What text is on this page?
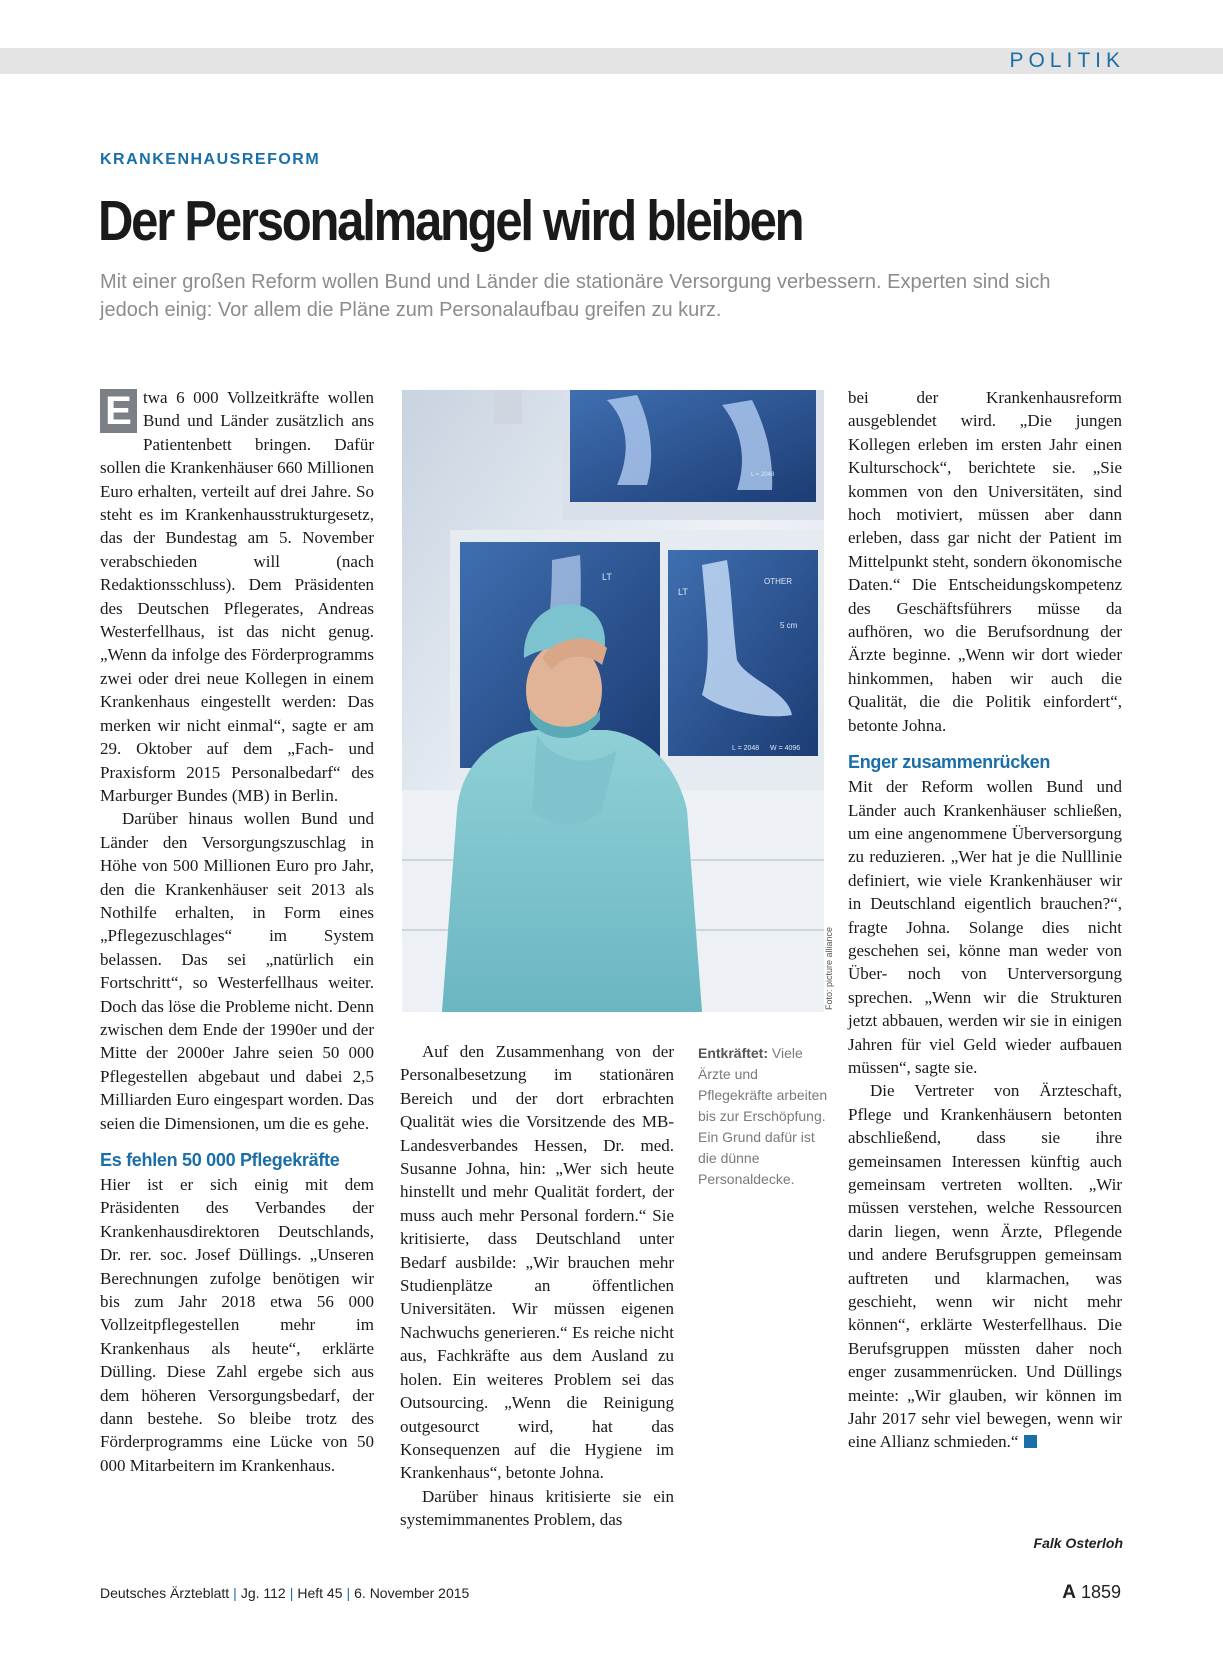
POLITIK
KRANKENHAUSREFORM
Der Personalmangel wird bleiben
Mit einer großen Reform wollen Bund und Länder die stationäre Versorgung verbessern. Experten sind sich jedoch einig: Vor allem die Pläne zum Personalaufbau greifen zu kurz.
E twa 6 000 Vollzeitkräfte wollen Bund und Länder zusätzlich ans Patientenbett bringen. Dafür sollen die Krankenhäuser 660 Millionen Euro erhalten, verteilt auf drei Jahre. So steht es im Krankenhausstrukturgesetz, das der Bundestag am 5. November verabschieden will (nach Redaktionsschluss). Dem Präsidenten des Deutschen Pflegerates, Andreas Westerfellhaus, ist das nicht genug. „Wenn da infolge des Förderprogramms zwei oder drei neue Kollegen in einem Krankenhaus eingestellt werden: Das merken wir nicht einmal“, sagte er am 29. Oktober auf dem „Fach- und Praxisform 2015 Personalbedarf“ des Marburger Bundes (MB) in Berlin.

Darüber hinaus wollen Bund und Länder den Versorgungszuschlag in Höhe von 500 Millionen Euro pro Jahr, den die Krankenhäuser seit 2013 als Nothilfe erhalten, in Form eines „Pflegezuschlages“ im System belassen. Das sei „natürlich ein Fortschritt“, so Westerfellhaus weiter. Doch das löse die Probleme nicht. Denn zwischen dem Ende der 1990er und der Mitte der 2000er Jahre seien 50 000 Pflegestellen abgebaut und dabei 2,5 Milliarden Euro eingespart worden. Das seien die Dimensionen, um die es gehe.

Es fehlen 50 000 Pflegekräfte

Hier ist er sich einig mit dem Präsidenten des Verbandes der Krankenhausdirektoren Deutschlands, Dr. rer. soc. Josef Düllings. „Unseren Berechnungen zufolge benötigen wir bis zum Jahr 2018 etwa 56 000 Vollzeitpflegestellen mehr im Krankenhaus als heute“, erklärte Dülling. Diese Zahl ergebe sich aus dem höheren Versorgungsbedarf, der dann bestehe. So bleibe trotz des Förderprogramms eine Lücke von 50 000 Mitarbeitern im Krankenhaus.

LT
LT
OTHER
5 cm
L = 2048 W = 4096
L = 2048
Foto: picture alliance
Entkräftet: Viele Ärzte und Pflegekräfte arbeiten bis zur Erschöpfung. Ein Grund dafür ist die dünne Personaldecke.

Auf den Zusammenhang von der Personalbesetzung im stationären Bereich und der dort erbrachten Qualität wies die Vorsitzende des MB-Landesverbandes Hessen, Dr. med. Susanne Johna, hin: „Wer sich heute hinstellt und mehr Qualität fordert, der muss auch mehr Personal fordern.“ Sie kritisierte, dass Deutschland unter Bedarf ausbilde: „Wir brauchen mehr Studienplätze an öffentlichen Universitäten. Wir müssen eigenen Nachwuchs generieren.“ Es reiche nicht aus, Fachkräfte aus dem Ausland zu holen. Ein weiteres Problem sei das Outsourcing. „Wenn die Reinigung outgesourct wird, hat das Konsequenzen auf die Hygiene im Krankenhaus“, betonte Johna.

Darüber hinaus kritisierte sie ein systemimmanentes Problem, das

bei der Krankenhausreform ausgeblendet wird. „Die jungen Kollegen erleben im ersten Jahr einen Kulturschock“, berichtete sie. „Sie kommen von den Universitäten, sind hoch motiviert, müssen aber dann erleben, dass gar nicht der Patient im Mittelpunkt steht, sondern ökonomische Daten.“ Die Entscheidungskompetenz des Geschäftsführers müsse da aufhören, wo die Berufsordnung der Ärzte beginne. „Wenn wir dort wieder hinkommen, haben wir auch die Qualität, die die Politik einfordert“, betonte Johna.

Enger zusammenrücken

Mit der Reform wollen Bund und Länder auch Krankenhäuser schließen, um eine angenommene Überversorgung zu reduzieren. „Wer hat je die Nulllinie definiert, wie viele Krankenhäuser wir in Deutschland eigentlich brauchen?“, fragte Johna. Solange dies nicht geschehen sei, könne man weder von Über- noch von Unterversorgung sprechen. „Wenn wir die Strukturen jetzt abbauen, werden wir sie in einigen Jahren für viel Geld wieder aufbauen müssen“, sagte sie.

Die Vertreter von Ärzteschaft, Pflege und Krankenhäusern betonten abschließend, dass sie ihre gemeinsamen Interessen künftig auch gemeinsam vertreten wollten. „Wir müssen verstehen, welche Ressourcen darin liegen, wenn Ärzte, Pflegende und andere Berufsgruppen gemeinsam auftreten und klarmachen, was geschieht, wenn wir nicht mehr können“, erklärte Westerfellhaus. Die Berufsgruppen müssten daher noch enger zusammenrücken. Und Düllings meinte: „Wir glauben, wir können im Jahr 2017 sehr viel bewegen, wenn wir eine Allianz schmieden.“

Falk Osterloh
Deutsches Ärzteblatt | Jg. 112 | Heft 45 | 6. November 2015	A 1859
